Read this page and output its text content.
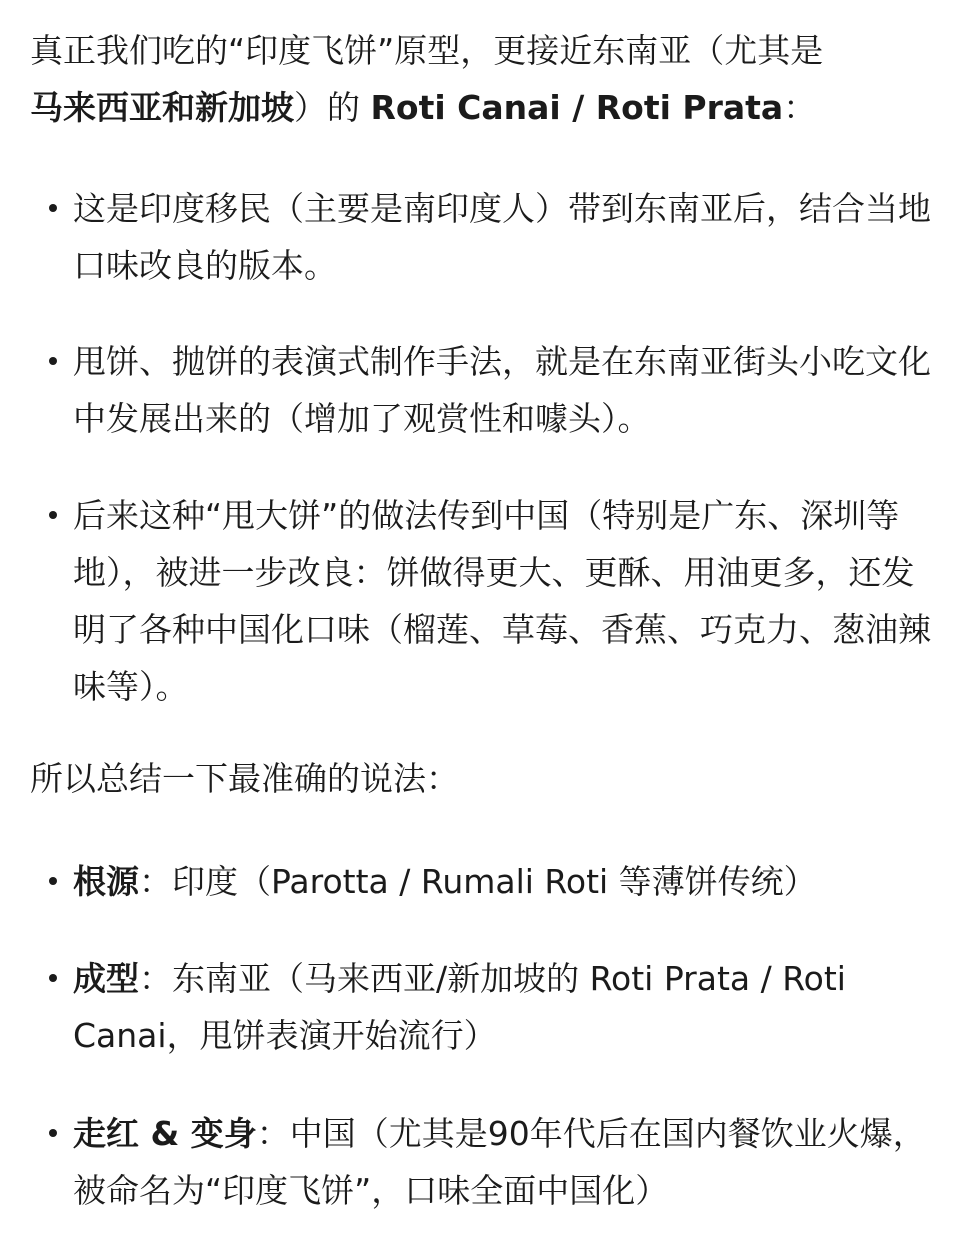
真正我们吃的“印度飞饼”原型，更接近东南亚（尤其是
马来西亚和新加坡）的 Roti Canai / Roti Prata：

这是印度移民（主要是南印度人）带到东南亚后，结合当地口味改良的版本。
甩饼、抛饼的表演式制作手法，就是在东南亚街头小吃文化中发展出来的（增加了观赏性和噱头）。
后来这种“甩大饼”的做法传到中国（特别是广东、深圳等地），被进一步改良：饼做得更大、更酥、用油更多，还发明了各种中国化口味（榴莲、草莓、香蕉、巧克力、葱油辣味等）。

所以总结一下最准确的说法：

根源：印度（Parotta / Rumali Roti 等薄饼传统）
成型：东南亚（马来西亚/新加坡的 Roti Prata / Roti Canai，甩饼表演开始流行）
走红 & 变身：中国（尤其是90年代后在国内餐饮业火爆，被命名为“印度飞饼”，口味全面中国化）
